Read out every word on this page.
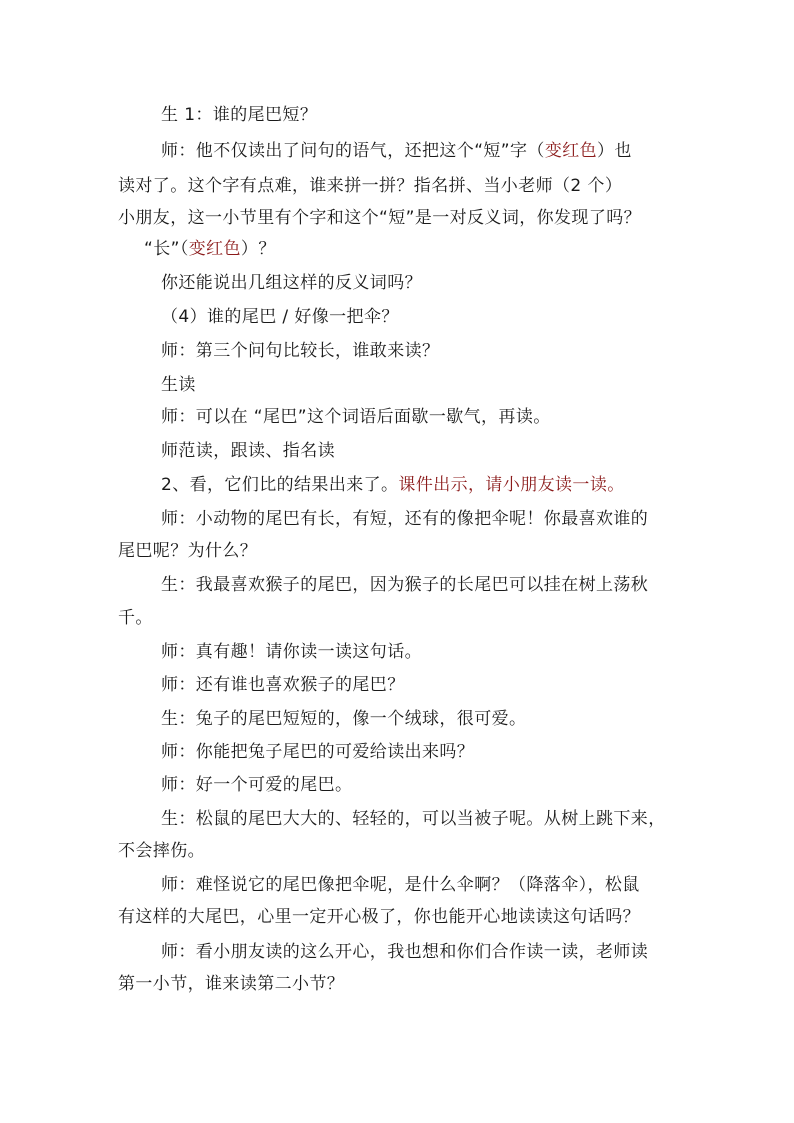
生 1：谁的尾巴短？
师：他不仅读出了问句的语气，还把这个“短”字（变红色）也
读对了。这个字有点难，谁来拼一拼？指名拼、当小老师（2 个）
小朋友，这一小节里有个字和这个“短”是一对反义词，你发现了吗？
“长”（变红色）？
你还能说出几组这样的反义词吗？
（4）谁的尾巴 / 好像一把伞？
师：第三个问句比较长，谁敢来读？
生读
师：可以在 “尾巴”这个词语后面歇一歇气，再读。
师范读，跟读、指名读
2、看，它们比的结果出来了。课件出示，请小朋友读一读。
师：小动物的尾巴有长，有短，还有的像把伞呢！你最喜欢谁的
尾巴呢？为什么？
生：我最喜欢猴子的尾巴，因为猴子的长尾巴可以挂在树上荡秋
千。
师：真有趣！请你读一读这句话。
师：还有谁也喜欢猴子的尾巴？
生：兔子的尾巴短短的，像一个绒球，很可爱。
师：你能把兔子尾巴的可爱给读出来吗？
师：好一个可爱的尾巴。
生：松鼠的尾巴大大的、轻轻的，可以当被子呢。从树上跳下来，
不会摔伤。
师：难怪说它的尾巴像把伞呢，是什么伞啊？（降落伞），松鼠
有这样的大尾巴，心里一定开心极了，你也能开心地读读这句话吗？
师：看小朋友读的这么开心，我也想和你们合作读一读，老师读
第一小节，谁来读第二小节？
